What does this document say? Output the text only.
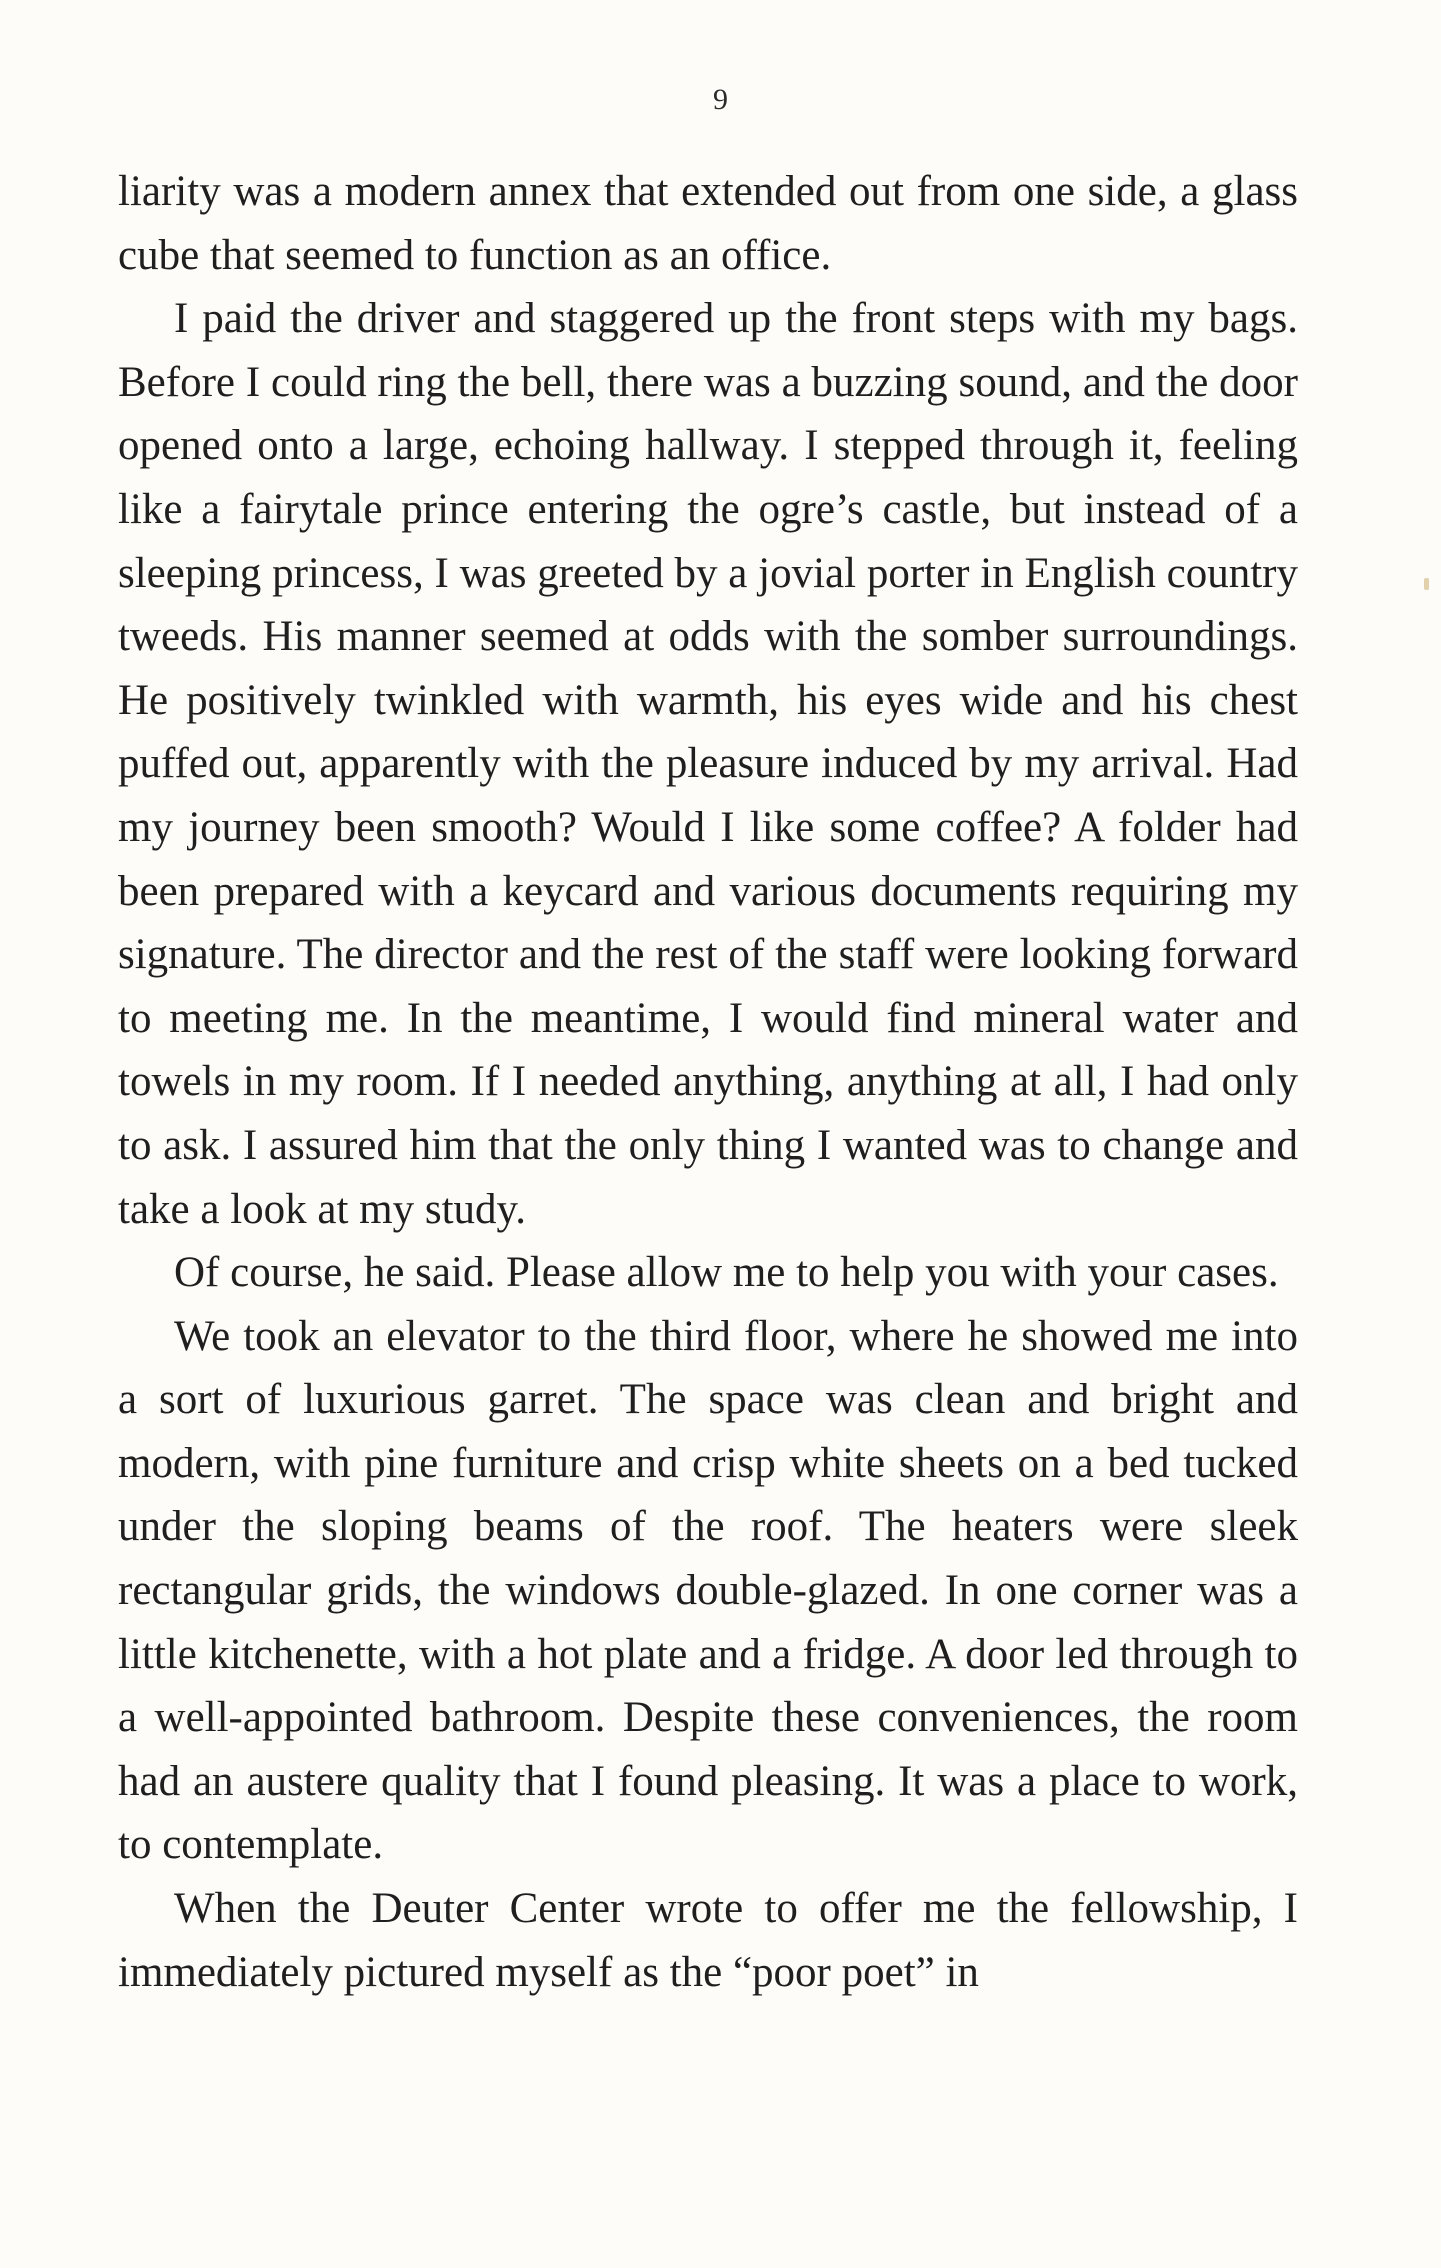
9

liarity was a modern annex that extended out from one side, a glass cube that seemed to function as an office.

I paid the driver and staggered up the front steps with my bags. Before I could ring the bell, there was a buzzing sound, and the door opened onto a large, echoing hallway. I stepped through it, feeling like a fairytale prince entering the ogre’s castle, but instead of a sleeping princess, I was greeted by a jovial porter in English country tweeds. His manner seemed at odds with the somber surroundings. He positively twinkled with warmth, his eyes wide and his chest puffed out, apparently with the pleasure induced by my arrival. Had my journey been smooth? Would I like some coffee? A folder had been prepared with a keycard and various documents requiring my signature. The director and the rest of the staff were looking forward to meeting me. In the meantime, I would find mineral water and towels in my room. If I needed anything, anything at all, I had only to ask. I assured him that the only thing I wanted was to change and take a look at my study.

Of course, he said. Please allow me to help you with your cases.

We took an elevator to the third floor, where he showed me into a sort of luxurious garret. The space was clean and bright and modern, with pine furniture and crisp white sheets on a bed tucked under the sloping beams of the roof. The heaters were sleek rectangular grids, the windows double-glazed. In one corner was a little kitchenette, with a hot plate and a fridge. A door led through to a well-appointed bathroom. Despite these conveniences, the room had an austere quality that I found pleasing. It was a place to work, to contemplate.

When the Deuter Center wrote to offer me the fellowship, I immediately pictured myself as the “poor poet” in
